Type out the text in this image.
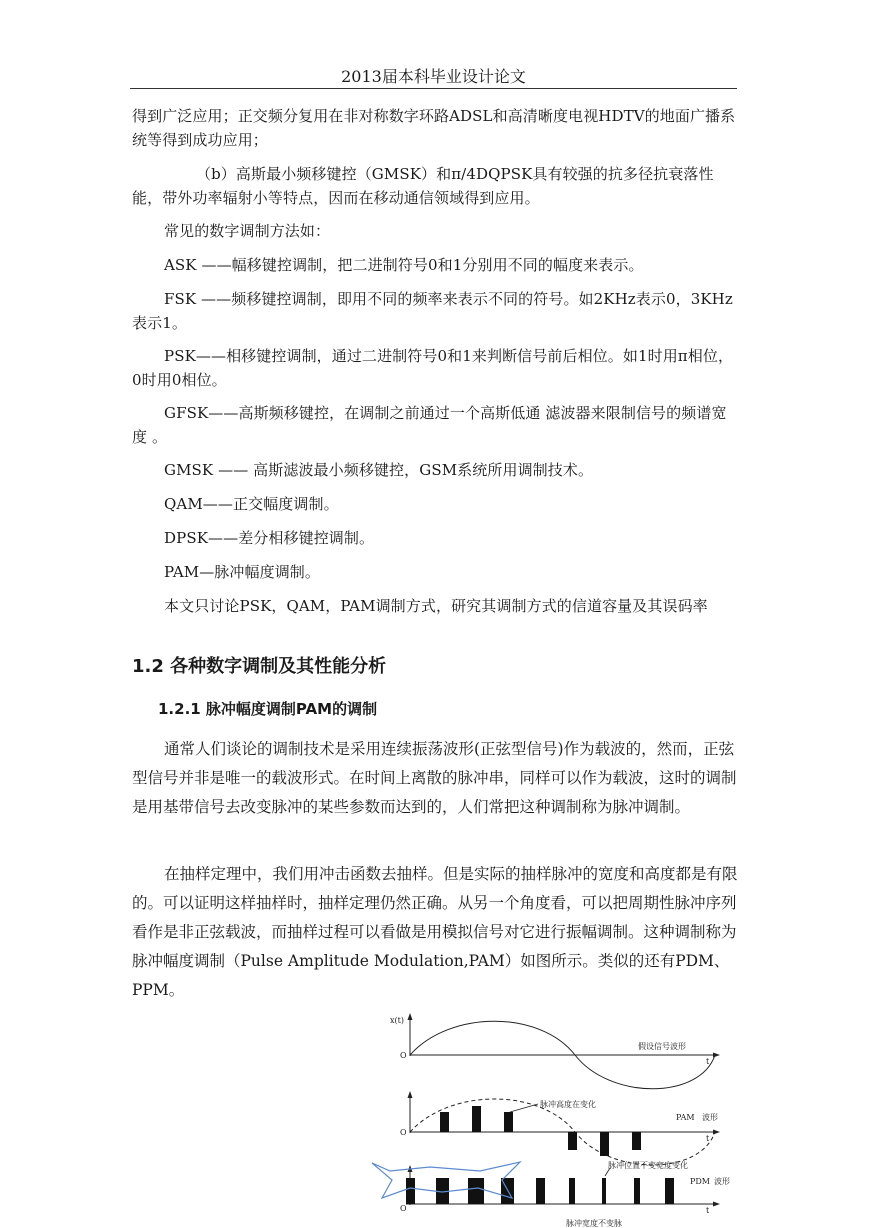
2013届本科毕业设计论文
得到广泛应用；正交频分复用在非对称数字环路ADSL和高清晰度电视HDTV的地面广播系统等得到成功应用；
（b）高斯最小频移键控（GMSK）和π/4DQPSK具有较强的抗多径抗衰落性能，带外功率辐射小等特点，因而在移动通信领域得到应用。
常见的数字调制方法如：
ASK ——幅移键控调制，把二进制符号0和1分别用不同的幅度来表示。
FSK ——频移键控调制，即用不同的频率来表示不同的符号。如2KHz表示0，3KHz表示1。
PSK——相移键控调制，通过二进制符号0和1来判断信号前后相位。如1时用π相位，0时用0相位。
GFSK——高斯频移键控，在调制之前通过一个高斯低通 滤波器来限制信号的频谱宽度 。
GMSK —— 高斯滤波最小频移键控，GSM系统所用调制技术。
QAM——正交幅度调制。
DPSK——差分相移键控调制。
PAM—脉冲幅度调制。
本文只讨论PSK，QAM，PAM调制方式，研究其调制方式的信道容量及其误码率
1.2 各种数字调制及其性能分析
1.2.1 脉冲幅度调制PAM的调制
通常人们谈论的调制技术是采用连续振荡波形(正弦型信号)作为载波的，然而，正弦型信号并非是唯一的载波形式。在时间上离散的脉冲串，同样可以作为载波，这时的调制是用基带信号去改变脉冲的某些参数而达到的，人们常把这种调制称为脉冲调制。
在抽样定理中，我们用冲击函数去抽样。但是实际的抽样脉冲的宽度和高度都是有限的。可以证明这样抽样时，抽样定理仍然正确。从另一个角度看，可以把周期性脉冲序列看作是非正弦载波，而抽样过程可以看做是用模拟信号对它进行振幅调制。这种调制称为脉冲幅度调制（Pulse Amplitude Modulation,PAM）如图所示。类似的还有PDM、PPM。
x(t)
O
t
假设信号波形
脉冲高度在变化
PAM 波形
O
t
脉冲位置不变宽度变化
PDM 波形
O	t
脉冲宽度不变脉
